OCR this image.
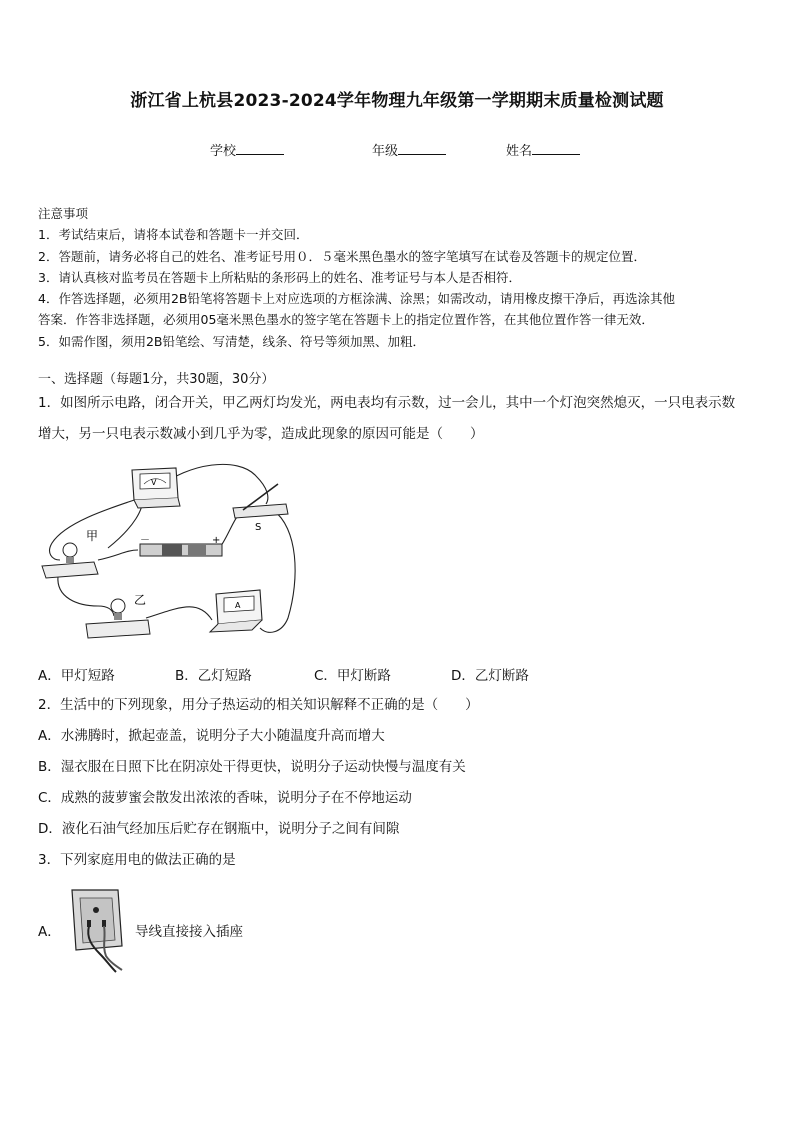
浙江省上杭县2023-2024学年物理九年级第一学期期末质量检测试题
学校	年级	姓名
注意事项
1．考试结束后，请将本试卷和答题卡一并交回．
2．答题前，请务必将自己的姓名、准考证号用０．５毫米黑色墨水的签字笔填写在试卷及答题卡的规定位置．
3．请认真核对监考员在答题卡上所粘贴的条形码上的姓名、准考证号与本人是否相符．
4．作答选择题，必须用2B铅笔将答题卡上对应选项的方框涂满、涂黑；如需改动，请用橡皮擦干净后，再选涂其他
答案．作答非选择题，必须用05毫米黑色墨水的签字笔在答题卡上的指定位置作答，在其他位置作答一律无效．
5．如需作图，须用2B铅笔绘、写清楚，线条、符号等须加黑、加粗．
一、选择题（每题1分，共30题，30分）
1．如图所示电路，闭合开关，甲乙两灯均发光，两电表均有示数，过一会儿，其中一个灯泡突然熄灭，一只电表示数
增大，另一只电表示数减小到几乎为零，造成此现象的原因可能是（　　）
V
S
－	+
甲
乙	A
A．甲灯短路	B．乙灯短路	C．甲灯断路	D．乙灯断路
2．生活中的下列现象，用分子热运动的相关知识解释不正确的是（　　）
A．水沸腾时，掀起壶盖，说明分子大小随温度升高而增大
B．湿衣服在日照下比在阴凉处干得更快，说明分子运动快慢与温度有关
C．成熟的菠萝蜜会散发出浓浓的香味，说明分子在不停地运动
D．液化石油气经加压后贮存在钢瓶中，说明分子之间有间隙
3．下列家庭用电的做法正确的是
A．	导线直接接入插座
